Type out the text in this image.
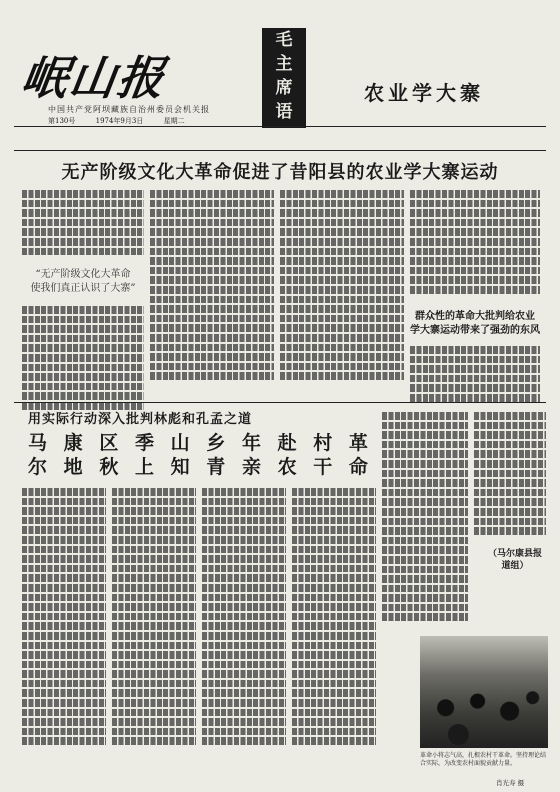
岷山报
中国共产党阿坝藏族自治州委员会机关报
第130号	1974年9月3日	星期二
毛
主
席
语
农业学大寨
无产阶级文化大革命促进了昔阳县的农业学大寨运动
“无产阶级文化大革命
使我们真正认识了大寨”
群众性的革命大批判给农业
学大寨运动带来了强劲的东风
用实际行动深入批判林彪和孔孟之道
马 康 区 季 山 乡 年 赴 村 革
尔 地 秋 上 知 青 亲 农 干 命
（马尔康县报道组）
革命小将志气高，扎根农村干革命。坚持理论结合实际，为改变农村面貌贡献力量。
肖光寿 摄
